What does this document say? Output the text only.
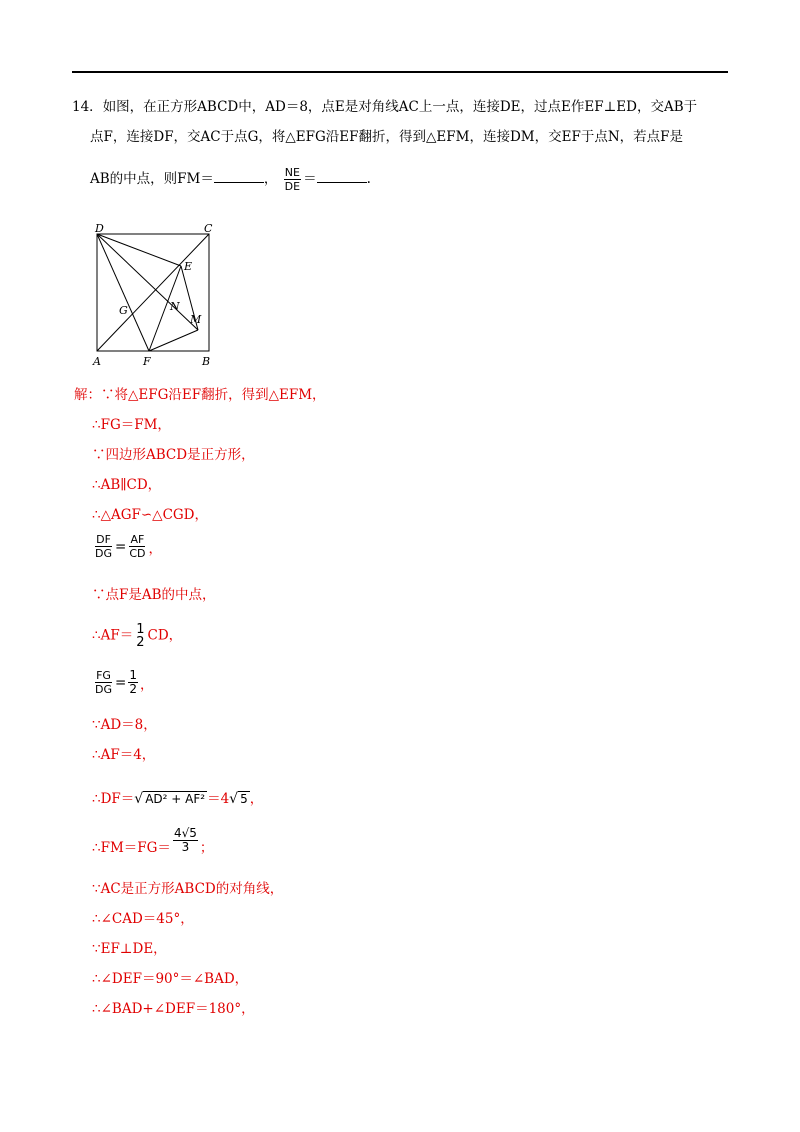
14．如图，在正方形ABCD中，AD＝8，点E是对角线AC上一点，连接DE，过点E作EF⊥ED，交AB于
点F，连接DF，交AC于点G，将△EFG沿EF翻折，得到△EFM，连接DM，交EF于点N，若点F是
AB的中点，则FM＝	， $\frac{NE}{DE}$ ＝	.
D	C
E
G	N
M
A	F	B
解：∵将△EFG沿EF翻折，得到△EFM，
∴FG＝FM，
∵四边形ABCD是正方形，
∴AB∥CD，
∴△AGF∽△CGD，
$\frac{DF}{DG} = \frac{AF}{CD}$ ，
∵点F是AB的中点，
∴AF＝ 1
2 CD，
$\frac{FG}{DG} = \frac{1}{2}$ ，
∵AD＝8，
∴AF＝4，
∴DF＝√ AD² + AF² ＝4√ 5 ，
∴FM＝FG＝ $\frac{4√5}{3}$ ；
∵AC是正方形ABCD的对角线，
∴∠CAD＝45°，
∵EF⊥DE，
∴∠DEF＝90°＝∠BAD，
∴∠BAD+∠DEF＝180°，
